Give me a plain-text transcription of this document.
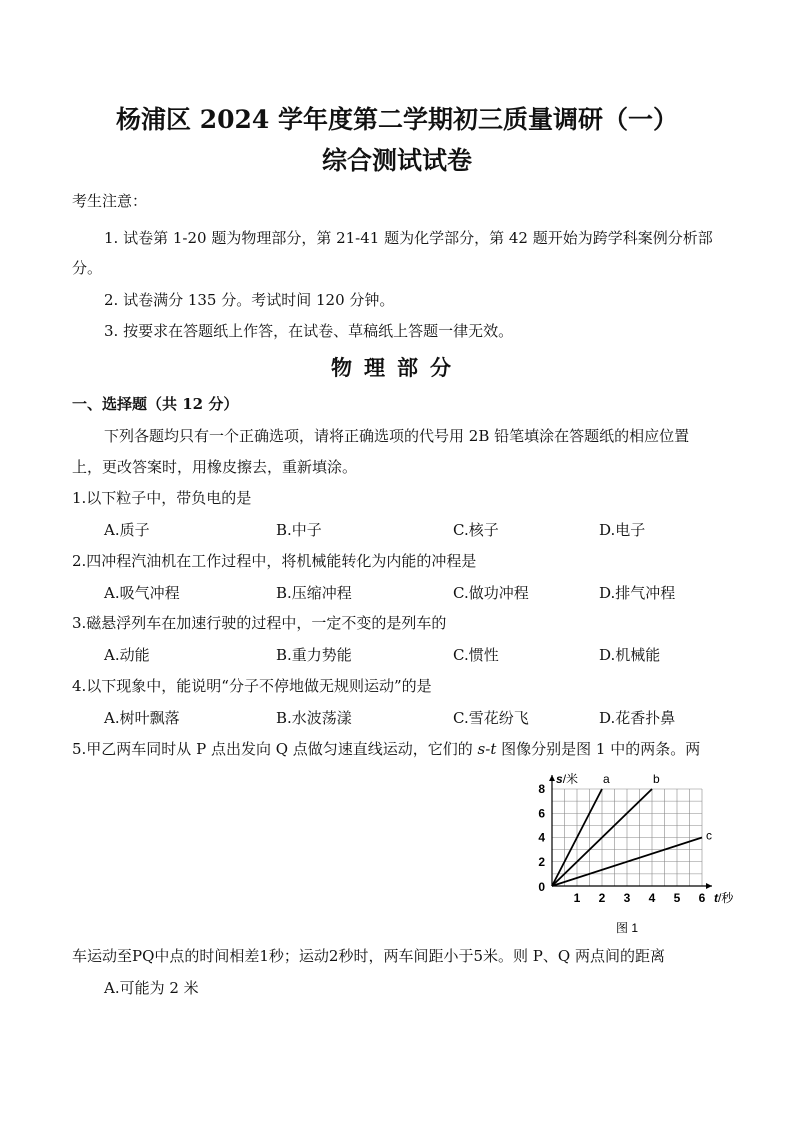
杨浦区 2024 学年度第二学期初三质量调研（一）
综合测试试卷
考生注意：
1. 试卷第 1-20 题为物理部分，第 21-41 题为化学部分，第 42 题开始为跨学科案例分析部
分。
2. 试卷满分 135 分。考试时间 120 分钟。
3. 按要求在答题纸上作答，在试卷、草稿纸上答题一律无效。
物理部分
一、选择题（共 12 分）
下列各题均只有一个正确选项，请将正确选项的代号用 2B 铅笔填涂在答题纸的相应位置
上，更改答案时，用橡皮擦去，重新填涂。
1.以下粒子中，带负电的是
A.质子	B.中子	C.核子	D.电子
2.四冲程汽油机在工作过程中，将机械能转化为内能的冲程是
A.吸气冲程	B.压缩冲程	C.做功冲程	D.排气冲程
3.磁悬浮列车在加速行驶的过程中，一定不变的是列车的
A.动能	B.重力势能	C.惯性	D.机械能
4.以下现象中，能说明“分子不停地做无规则运动”的是
A.树叶飘落	B.水波荡漾	C.雪花纷飞	D.花香扑鼻
5.甲乙两车同时从 P 点出发向 Q 点做匀速直线运动，它们的 s-t 图像分别是图 1 中的两条。两
1 2 3 4 5 6
2
4
6
8
0
s/米
t/秒
a	b
c
图 1
车运动至PQ中点的时间相差1秒；运动2秒时，两车间距小于5米。则 P、Q 两点间的距离
A.可能为 2 米
